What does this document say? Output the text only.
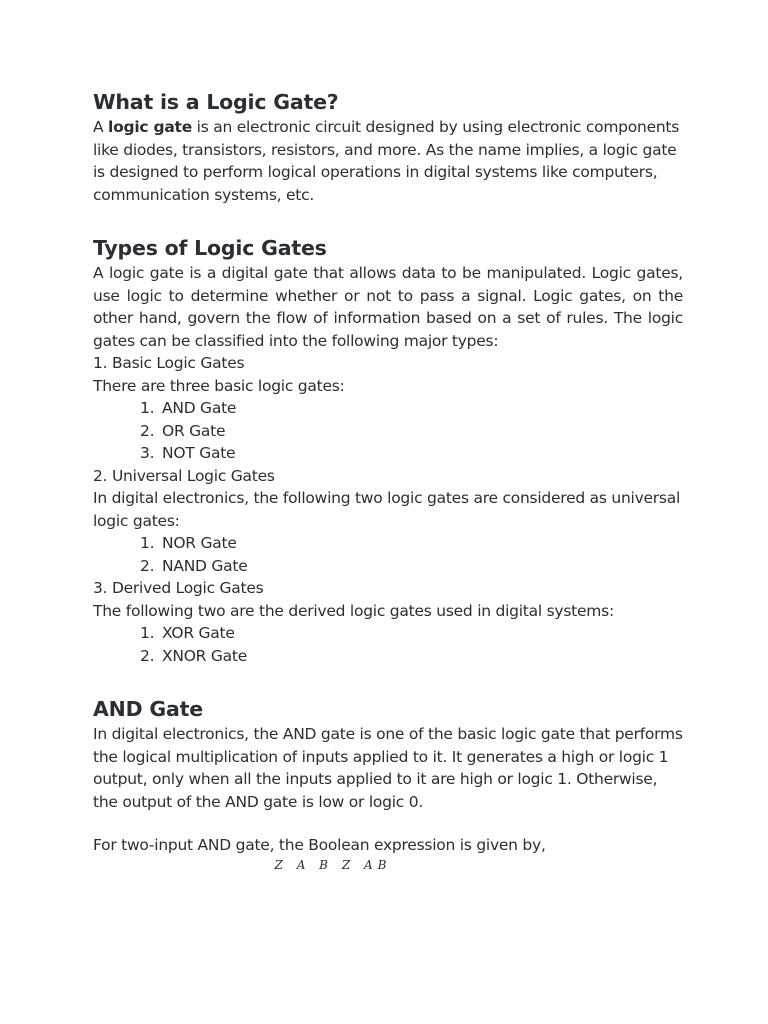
What is a Logic Gate?

A logic gate is an electronic circuit designed by using electronic components like diodes, transistors, resistors, and more. As the name implies, a logic gate is designed to perform logical operations in digital systems like computers, communication systems, etc.

Types of Logic Gates

A logic gate is a digital gate that allows data to be manipulated. Logic gates, use logic to determine whether or not to pass a signal. Logic gates, on the other hand, govern the flow of information based on a set of rules. The logic gates can be classified into the following major types:

1. Basic Logic Gates

There are three basic logic gates:

1. AND Gate
2. OR Gate
3. NOT Gate

2. Universal Logic Gates

In digital electronics, the following two logic gates are considered as universal logic gates:

1. NOR Gate
2. NAND Gate

3. Derived Logic Gates

The following two are the derived logic gates used in digital systems:

1. XOR Gate
2. XNOR Gate
AND Gate

In digital electronics, the AND gate is one of the basic logic gate that performs the logical multiplication of inputs applied to it. It generates a high or logic 1 output, only when all the inputs applied to it are high or logic 1. Otherwise, the output of the AND gate is low or logic 0.

For two-input AND gate, the Boolean expression is given by,

Z A B Z AB
